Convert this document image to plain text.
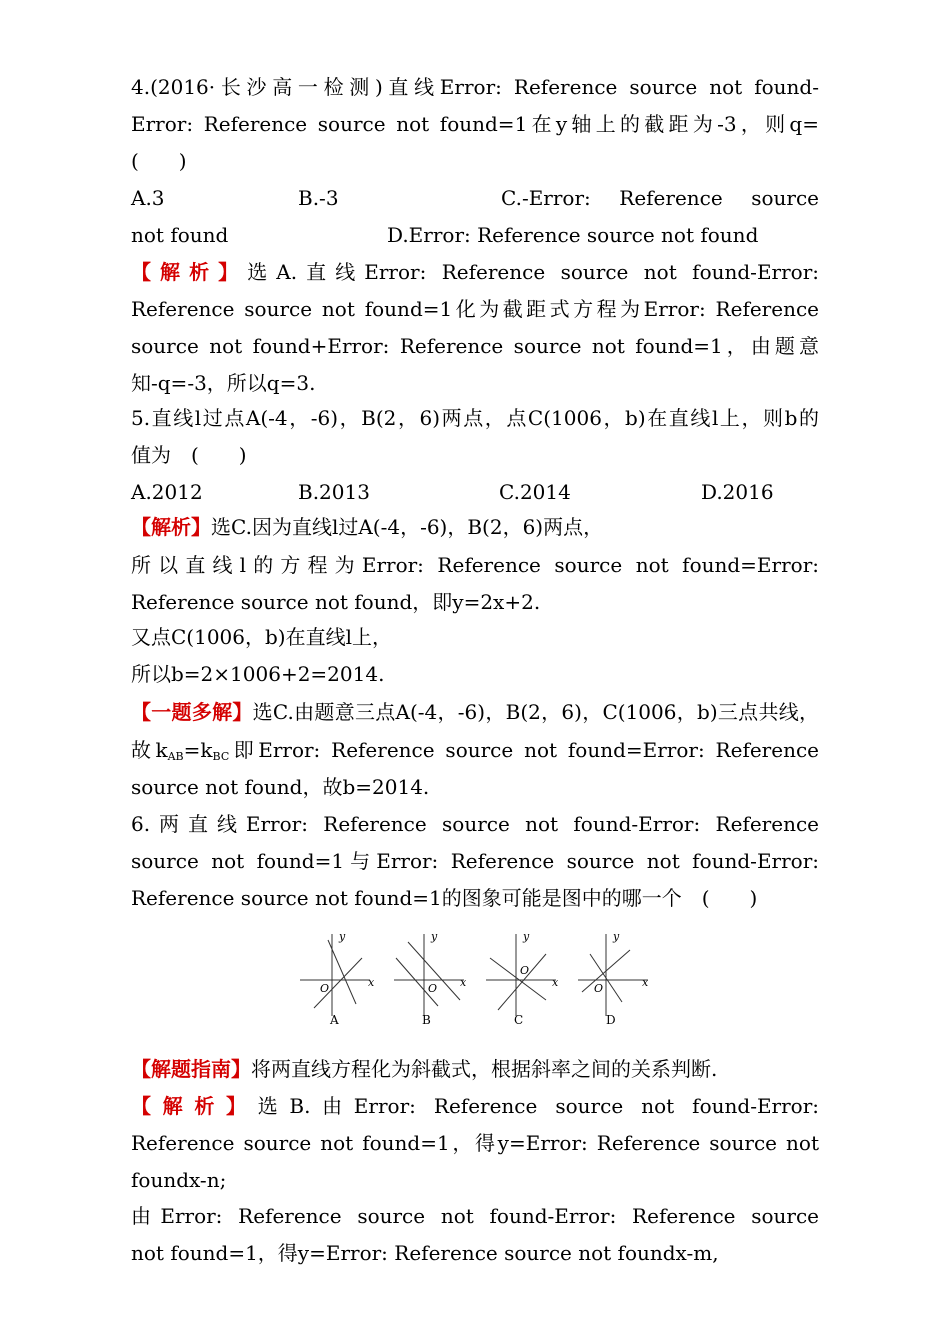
4.(2016·长沙高一检测)直线Error: Reference source not found-
Error: Reference source not found=1在y轴上的截距为-3，则q=
(　　)
A.3	B.-3	C.-Error: Reference source
not found	D.Error: Reference source not found
【解析】选A.直线Error: Reference source not found-Error:
Reference source not found=1化为截距式方程为Error: Reference
source not found+Error: Reference source not found=1，由题意
知-q=-3，所以q=3.
5.直线l过点A(-4，-6)，B(2，6)两点，点C(1006，b)在直线l上，则b的
值为　(　　)
A.2012	B.2013	C.2014	D.2016
【解析】选C.因为直线l过A(-4，-6)，B(2，6)两点，
所以直线l的方程为Error: Reference source not found=Error:
Reference source not found，即y=2x+2.
又点C(1006，b)在直线l上，
所以b=2×1006+2=2014.
【一题多解】选C.由题意三点A(-4，-6)，B(2，6)，C(1006，b)三点共线，
故$k_{AB}=k_{BC}$即Error: Reference source not found=Error: Reference
source not found，故b=2014.
6.两直线Error: Reference source not found-Error: Reference
source not found=1与Error: Reference source not found-Error:
Reference source not found=1的图象可能是图中的哪一个　(　　)
【解题指南】将两直线方程化为斜截式，根据斜率之间的关系判断.
【解析】选B.由Error: Reference source not found-Error:
Reference source not found=1，得y=Error: Reference source not
foundx-n;
由Error: Reference source not found-Error: Reference source
not found=1，得y=Error: Reference source not foundx-m,
y
x
O
y
x
O
y
x
O
y
x
O
A	B	C	D
